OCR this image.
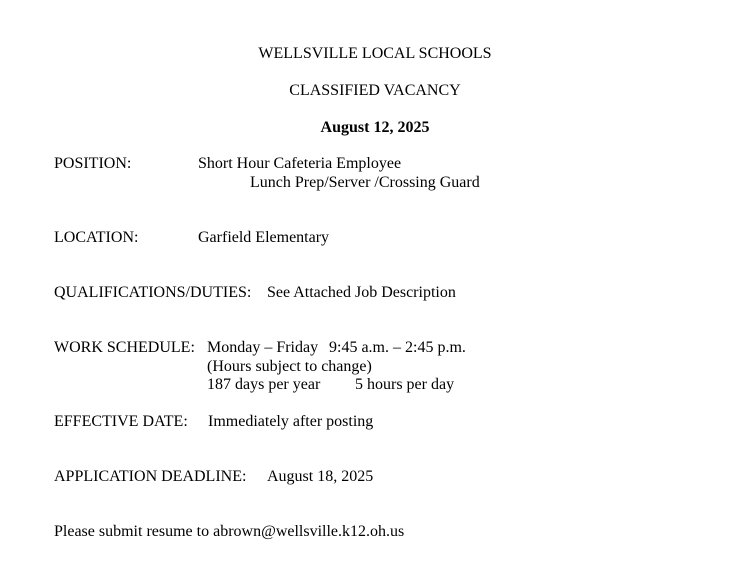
WELLSVILLE LOCAL SCHOOLS
CLASSIFIED VACANCY
August 12, 2025
POSITION:	Short Hour Cafeteria Employee
Lunch Prep/Server /Crossing Guard
LOCATION:	Garfield Elementary
QUALIFICATIONS/DUTIES: See Attached Job Description
WORK SCHEDULE: Monday – Friday 9:45 a.m. – 2:45 p.m.
(Hours subject to change)
187 days per year 5 hours per day
EFFECTIVE DATE: Immediately after posting
APPLICATION DEADLINE: August 18, 2025
Please submit resume to abrown@wellsville.k12.oh.us
